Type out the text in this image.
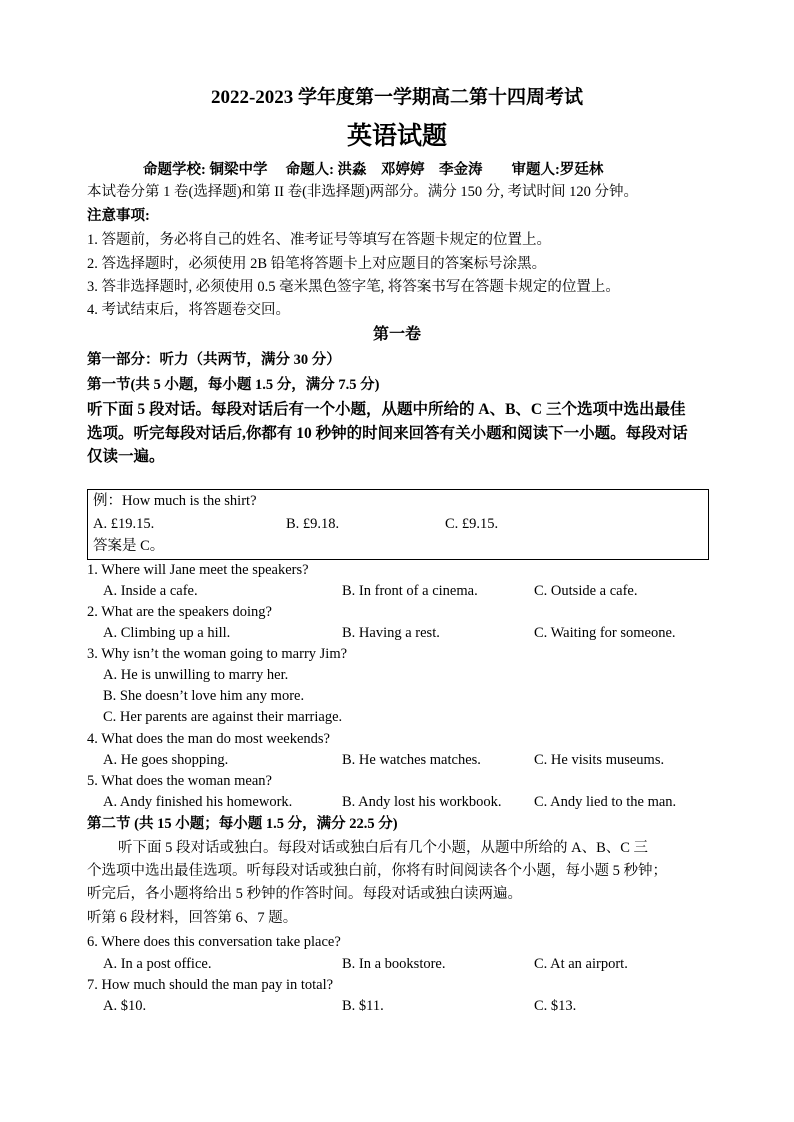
2022-2023 学年度第一学期高二第十四周考试
英语试题
命题学校: 铜梁中学　 命题人: 洪淼　邓婷婷　李金涛　　审题人:罗廷林
本试卷分第 1 卷(选择题)和第 II 卷(非选择题)两部分。满分 150 分, 考试时间 120 分钟。
注意事项:
1. 答题前，务必将自己的姓名、准考证号等填写在答题卡规定的位置上。
2. 答选择题时，必须使用 2B 铅笔将答题卡上对应题目的答案标号涂黑。
3. 答非选择题时, 必须使用 0.5 毫米黑色签字笔, 将答案书写在答题卡规定的位置上。
4. 考试结束后，将答题卷交回。
第一卷
第一部分：听力（共两节，满分 30 分）
第一节(共 5 小题，每小题 1.5 分，满分 7.5 分)
听下面 5 段对话。每段对话后有一个小题，从题中所给的 A、B、C 三个选项中选出最佳
选项。听完每段对话后,你都有 10 秒钟的时间来回答有关小题和阅读下一小题。每段对话
仅读一遍。
例：How much is the shirt?
A. £19.15.	B. £9.18.	C. £9.15.
答案是 C。
1. Where will Jane meet the speakers?
A. Inside a cafe.	B. In front of a cinema.	C. Outside a cafe.
2. What are the speakers doing?
A. Climbing up a hill.	B. Having a rest.	C. Waiting for someone.
3. Why isn’t the woman going to marry Jim?
A. He is unwilling to marry her.
B. She doesn’t love him any more.
C. Her parents are against their marriage.
4. What does the man do most weekends?
A. He goes shopping.	B. He watches matches.	C. He visits museums.
5. What does the woman mean?
A. Andy finished his homework.	B. Andy lost his workbook. C. Andy lied to the man.
第二节 (共 15 小题；每小题 1.5 分，满分 22.5 分)
听下面 5 段对话或独白。每段对话或独白后有几个小题，从题中所给的 A、B、C 三
个选项中选出最佳选项。听每段对话或独白前，你将有时间阅读各个小题，每小题 5 秒钟；
听完后，各小题将给出 5 秒钟的作答时间。每段对话或独白读两遍。
听第 6 段材料，回答第 6、7 题。
6. Where does this conversation take place?
A. In a post office.	B. In a bookstore.	C. At an airport.
7. How much should the man pay in total?
A. $10.	B. $11.	C. $13.
